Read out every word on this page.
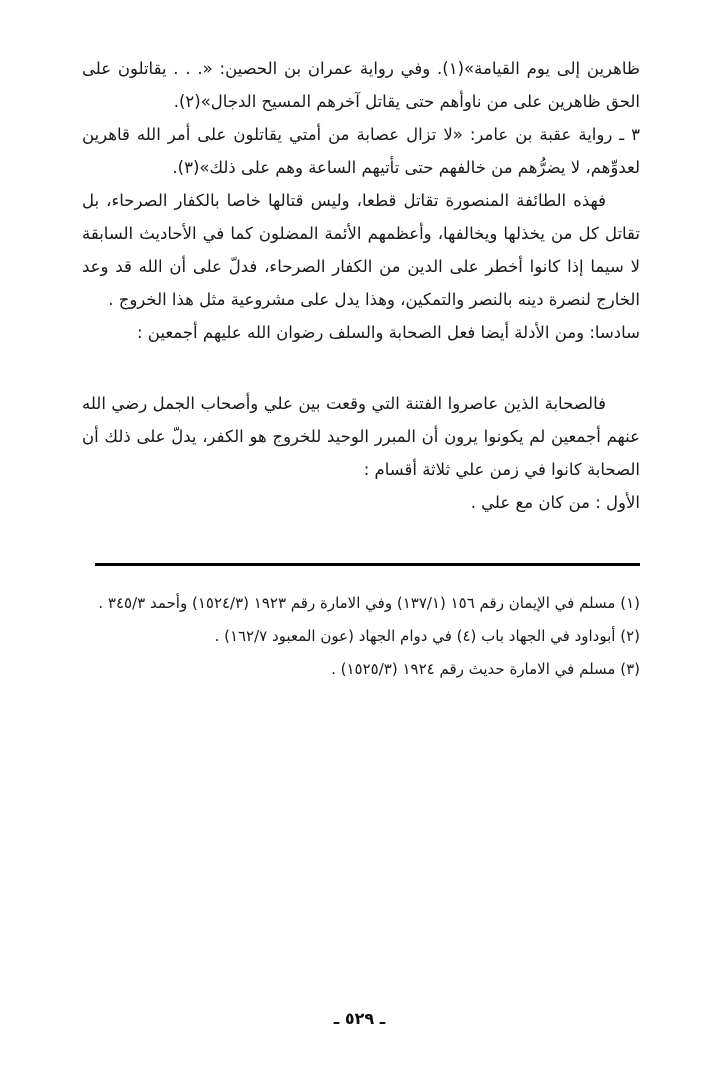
ظاهرين إلى يوم القيامة»(١). وفي رواية عمران بن الحصين: «. . . يقاتلون على الحق ظاهرين على من ناوأهم حتى يقاتل آخرهم المسيح الدجال»(٢).

٣ ـ رواية عقبة بن عامر: «لا تزال عصابة من أمتي يقاتلون على أمر الله قاهرين لعدوِّهم، لا يضرُّهم من خالفهم حتى تأتيهم الساعة وهم على ذلك»(٣).

فهذه الطائفة المنصورة تقاتل قطعا، وليس قتالها خاصا بالكفار الصرحاء، بل تقاتل كل من يخذلها ويخالفها، وأعظمهم الأئمة المضلون كما في الأحاديث السابقة لا سيما إذا كانوا أخطر على الدين من الكفار الصرحاء، فدلّ على أن الله قد وعد الخارج لنصرة دينه بالنصر والتمكين، وهذا يدل على مشروعية مثل هذا الخروج .

سادسا: ومن الأدلة أيضا فعل الصحابة والسلف رضوان الله عليهم أجمعين :

فالصحابة الذين عاصروا الفتنة التي وقعت بين علي وأصحاب الجمل رضي الله عنهم أجمعين لم يكونوا يرون أن المبرر الوحيد للخروج هو الكفر، يدلّ على ذلك أن الصحابة كانوا في زمن علي ثلاثة أقسام :

الأول : من كان مع علي .

(١) مسلم في الإيمان رقم ١٥٦ (١٣٧/١) وفي الامارة رقم ١٩٢٣ (١٥٢٤/٣) وأحمد ٣٤٥/٣ .

(٢) أبوداود في الجهاد باب (٤) في دوام الجهاد (عون المعبود ١٦٢/٧) .

(٣) مسلم في الامارة حديث رقم ١٩٢٤ (١٥٢٥/٣) .

ـ ٥٢٩ ـ
